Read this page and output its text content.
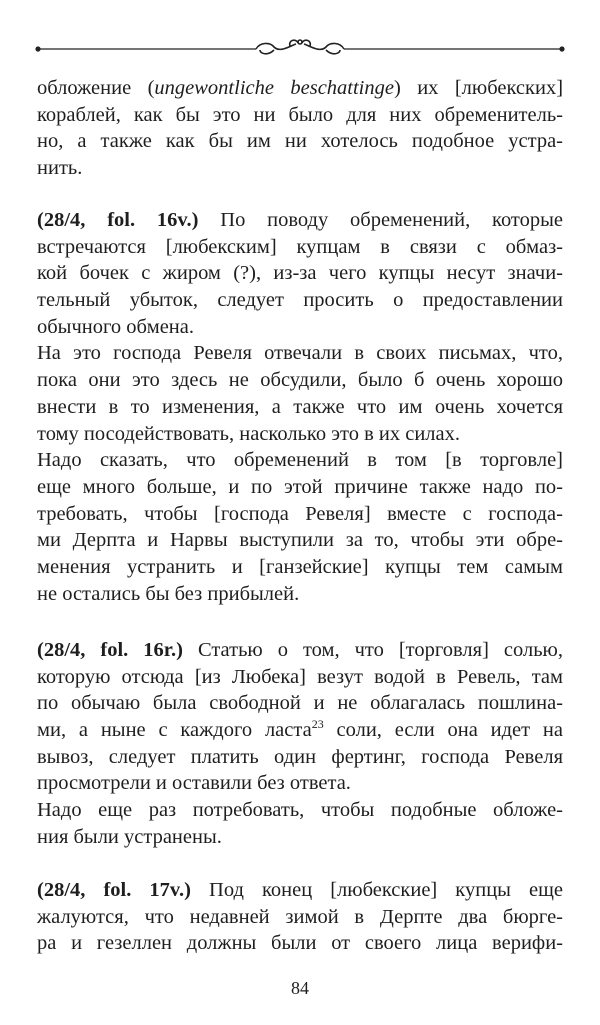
обложение (ungewontliche beschattinge) их [любекских]
кораблей, как бы это ни было для них обременитель-
но, а также как бы им ни хотелось подобное устра-
нить.
(28/4, fol. 16v.) По поводу обременений, которые
встречаются [любекским] купцам в связи с обмаз-
кой бочек с жиром (?), из-за чего купцы несут значи-
тельный убыток, следует просить о предоставлении
обычного обмена.
На это господа Ревеля отвечали в своих письмах, что,
пока они это здесь не обсудили, было б очень хорошо
внести в то изменения, а также что им очень хочется
тому посодействовать, насколько это в их силах.
Надо сказать, что обременений в том [в торговле]
еще много больше, и по этой причине также надо по-
требовать, чтобы [господа Ревеля] вместе с господа-
ми Дерпта и Нарвы выступили за то, чтобы эти обре-
менения устранить и [ганзейские] купцы тем самым
не остались бы без прибылей.
(28/4, fol. 16r.) Статью о том, что [торговля] солью,
которую отсюда [из Любека] везут водой в Ревель, там
по обычаю была свободной и не облагалась пошлина-
ми, а ныне с каждого ласта$^{23}$ соли, если она идет на
вывоз, следует платить один фертинг, господа Ревеля
просмотрели и оставили без ответа.
Надо еще раз потребовать, чтобы подобные обложе-
ния были устранены.
(28/4, fol. 17v.) Под конец [любекские] купцы еще
жалуются, что недавней зимой в Дерпте два бюрге-
ра и гезеллен должны были от своего лица верифи-
84
